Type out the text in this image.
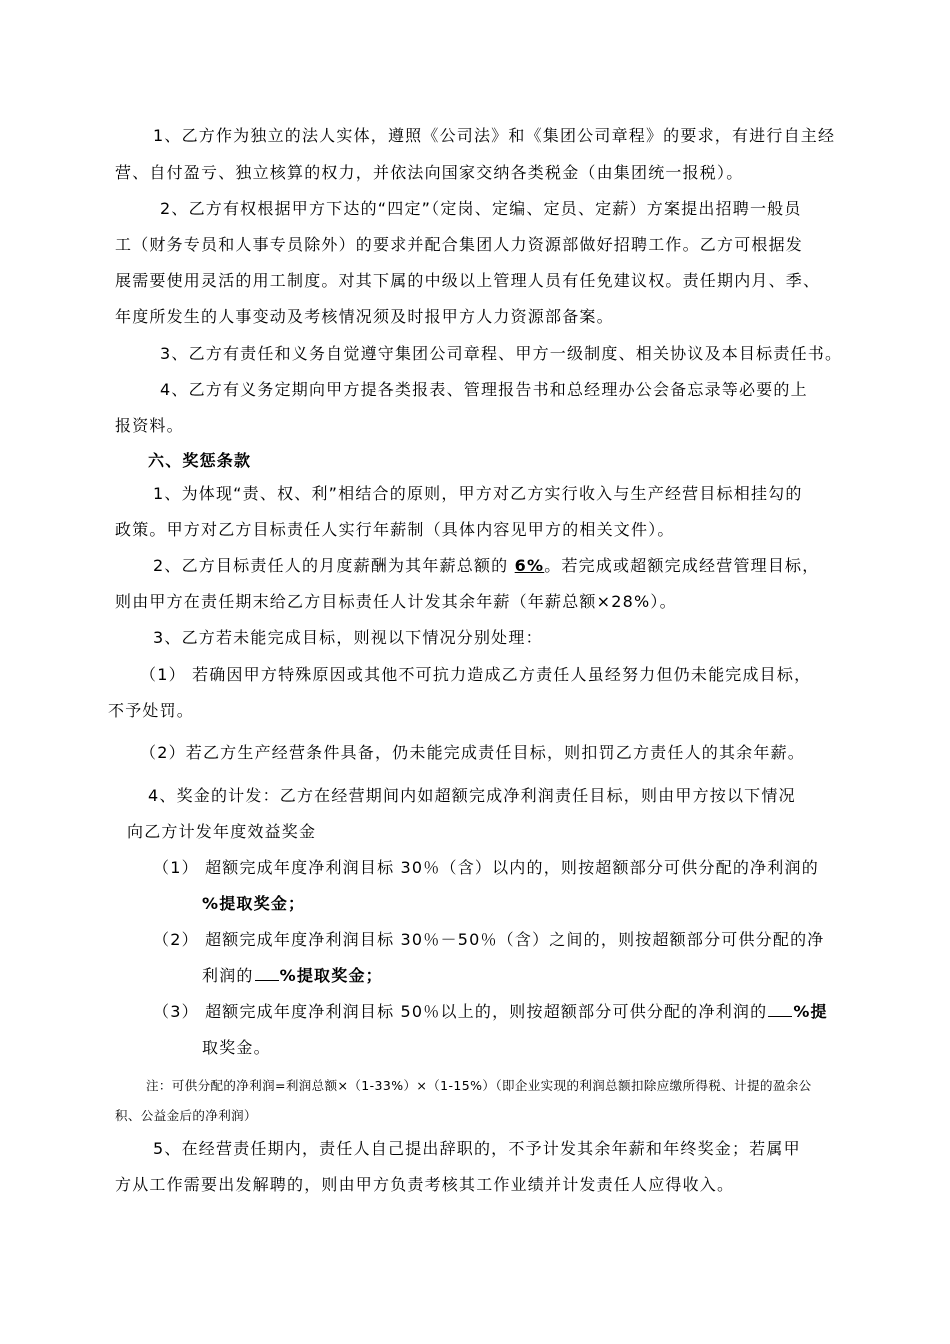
1、乙方作为独立的法人实体，遵照《公司法》和《集团公司章程》的要求，有进行自主经
营、自付盈亏、独立核算的权力，并依法向国家交纳各类税金（由集团统一报税）。
2、乙方有权根据甲方下达的“四定”（定岗、定编、定员、定薪）方案提出招聘一般员
工（财务专员和人事专员除外）的要求并配合集团人力资源部做好招聘工作。乙方可根据发
展需要使用灵活的用工制度。对其下属的中级以上管理人员有任免建议权。责任期内月、季、
年度所发生的人事变动及考核情况须及时报甲方人力资源部备案。
3、乙方有责任和义务自觉遵守集团公司章程、甲方一级制度、相关协议及本目标责任书。
4、乙方有义务定期向甲方提各类报表、管理报告书和总经理办公会备忘录等必要的上
报资料。
六、奖惩条款
1、为体现“责、权、利”相结合的原则，甲方对乙方实行收入与生产经营目标相挂勾的
政策。甲方对乙方目标责任人实行年薪制（具体内容见甲方的相关文件）。
2、乙方目标责任人的月度薪酬为其年薪总额的 6%。若完成或超额完成经营管理目标，
则由甲方在责任期末给乙方目标责任人计发其余年薪（年薪总额×28%）。
3、乙方若未能完成目标，则视以下情况分别处理：
（1） 若确因甲方特殊原因或其他不可抗力造成乙方责任人虽经努力但仍未能完成目标，
不予处罚。
（2）若乙方生产经营条件具备，仍未能完成责任目标，则扣罚乙方责任人的其余年薪。
4、奖金的计发：乙方在经营期间内如超额完成净利润责任目标，则由甲方按以下情况
向乙方计发年度效益奖金
（1） 超额完成年度净利润目标 30％（含）以内的，则按超额部分可供分配的净利润的
%提取奖金；
（2） 超额完成年度净利润目标 30％－50％（含）之间的，则按超额部分可供分配的净
利润的 %提取奖金；
（3） 超额完成年度净利润目标 50％以上的，则按超额部分可供分配的净利润的 %提
取奖金。
注：可供分配的净利润=利润总额×（1-33%）×（1-15%）（即企业实现的利润总额扣除应缴所得税、计提的盈余公
积、公益金后的净利润）
5、在经营责任期内，责任人自己提出辞职的，不予计发其余年薪和年终奖金；若属甲
方从工作需要出发解聘的，则由甲方负责考核其工作业绩并计发责任人应得收入。
